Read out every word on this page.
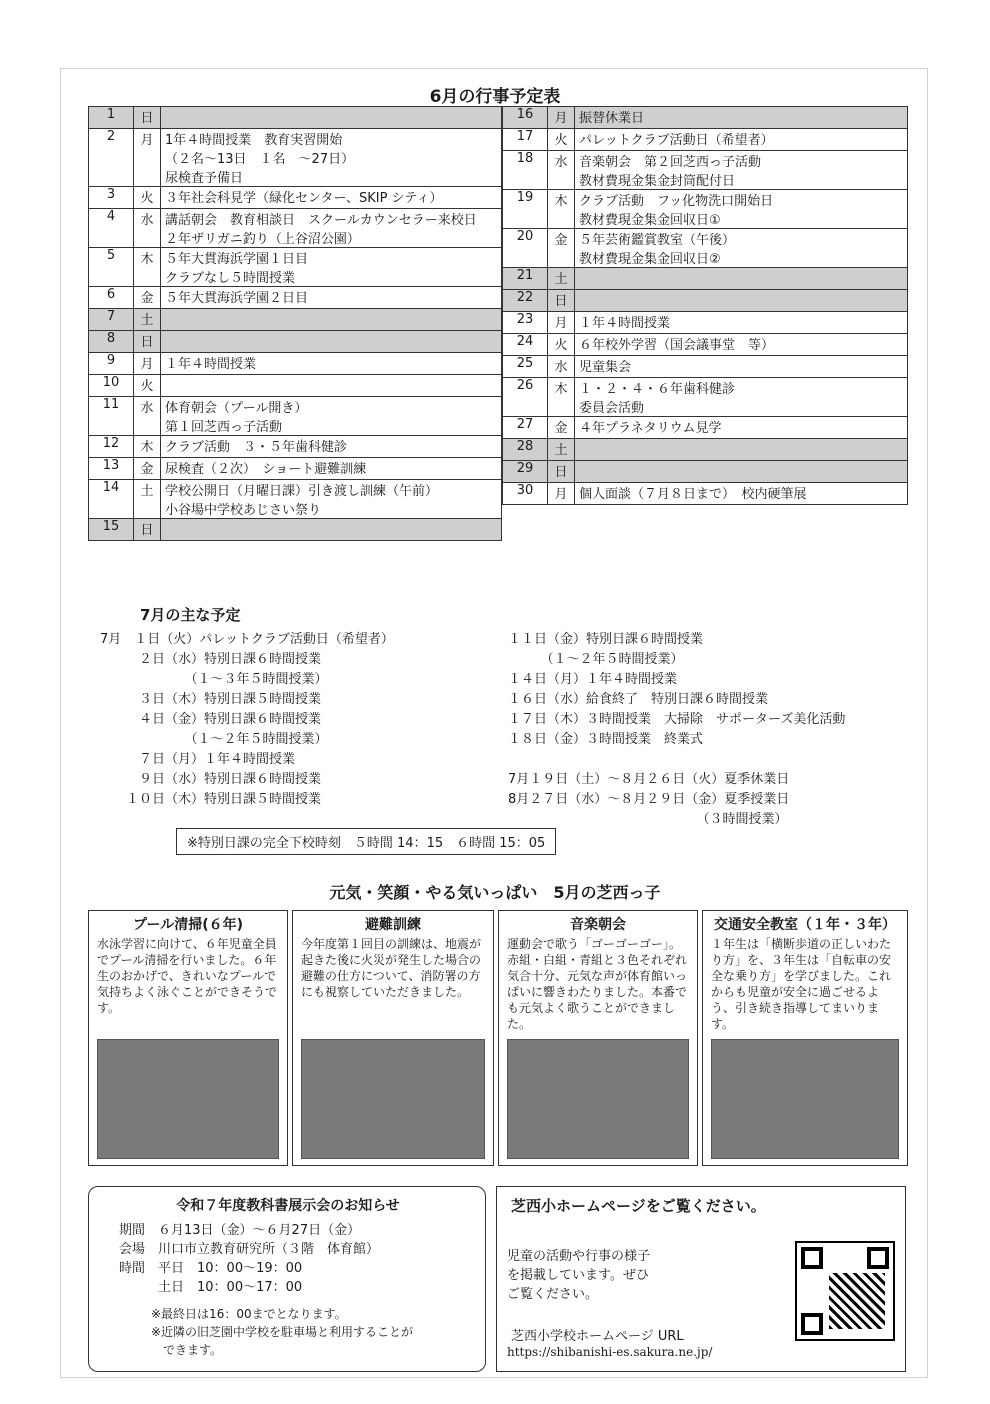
6月の行事予定表
1	日	

2	月	1年４時間授業　教育実習開始
（２名～13日　１名　～27日）
尿検査予備日
3	火	３年社会科見学（緑化センター、SKIP シティ）
4	水	講話朝会　教育相談日　スクールカウンセラー来校日
２年ザリガニ釣り（上谷沼公園）
5	木	５年大貫海浜学園１日目
クラブなし５時間授業
6	金	５年大貫海浜学園２日目
7	土	
8	日	
9	月	１年４時間授業
10	火	
11	水	体育朝会（プール開き）
第１回芝西っ子活動
12	木	クラブ活動　３・５年歯科健診
13	金	尿検査（２次）　ショート避難訓練
14	土	学校公開日（月曜日課）引き渡し訓練（午前）
小谷場中学校あじさい祭り
15	日	
16	月	振替休業日
17	火	パレットクラブ活動日（希望者）
18	水	音楽朝会　第２回芝西っ子活動
教材費現金集金封筒配付日
19	木	クラブ活動　フッ化物洗口開始日
教材費現金集金回収日①
20	金	５年芸術鑑賞教室（午後）
教材費現金集金回収日②
21	土	
22	日	
23	月	１年４時間授業
24	火	６年校外学習（国会議事堂　等）
25	水	児童集会
26	木	１・２・４・６年歯科健診
委員会活動
27	金	４年プラネタリウム見学
28	土	
29	日	
30	月	個人面談（７月８日まで）　校内硬筆展
7月の主な予定
7月　１日（火）パレットクラブ活動日（希望者）
　　　２日（水）特別日課６時間授業
　　　　　　　（１～３年５時間授業）
　　　３日（木）特別日課５時間授業
　　　４日（金）特別日課６時間授業
　　　　　　　（１～２年５時間授業）
　　　７日（月）１年４時間授業
　　　９日（水）特別日課６時間授業
　　１０日（木）特別日課５時間授業
１１日（金）特別日課６時間授業
　　　（１～２年５時間授業）
１４日（月）１年４時間授業
１６日（水）給食終了　特別日課６時間授業
１７日（木）３時間授業　大掃除　サポーターズ美化活動
１８日（金）３時間授業　終業式

7月１９日（土）～８月２６日（火）夏季休業日
8月２７日（水）～８月２９日（金）夏季授業日
　　　　　　　　　　　　　　　（３時間授業）
※特別日課の完全下校時刻　５時間 14：15　６時間 15：05
元気・笑顔・やる気いっぱい　5月の芝西っ子
プール清掃(６年)

水泳学習に向けて、６年児童全員でプール清掃を行いました。６年生のおかげで、きれいなプールで気持ちよく泳ぐことができそうです。

避難訓練

今年度第１回目の訓練は、地震が起きた後に火災が発生した場合の避難の仕方について、消防署の方にも視察していただきました。

音楽朝会

運動会で歌う「ゴーゴーゴー」。赤組・白組・青組と３色それぞれ気合十分、元気な声が体育館いっぱいに響きわたりました。本番でも元気よく歌うことができました。

交通安全教室（１年・３年）

１年生は「横断歩道の正しいわたり方」を、３年生は「自転車の安全な乗り方」を学びました。これからも児童が安全に過ごせるよう、引き続き指導してまいります。

令和７年度教科書展示会のお知らせ
期間　６月13日（金）～６月27日（金）
会場　川口市立教育研究所（３階　体育館）
時間　平日　10：00～19：00
　　　土日　10：00～17：00
※最終日は16：00までとなります。
※近隣の旧芝園中学校を駐車場と利用することが
　できます。
芝西小ホームページをご覧ください。
児童の活動や行事の様子
を掲載しています。ぜひ
ご覧ください。
芝西小学校ホームページ URL
https://shibanishi-es.sakura.ne.jp/
